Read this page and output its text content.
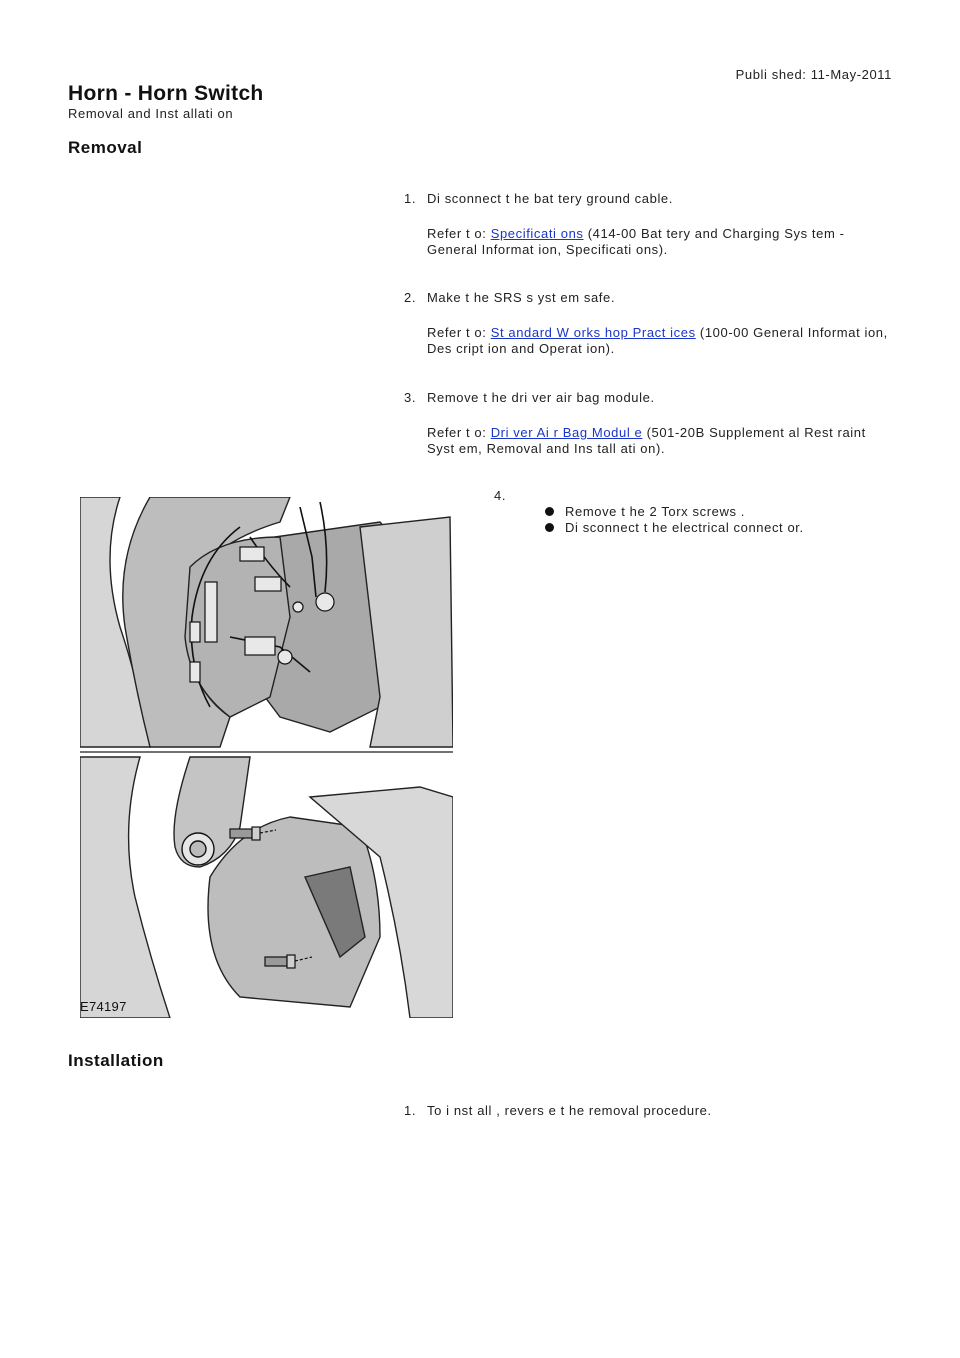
Publi shed: 11-May-2011
Horn - Horn Switch
Removal and Inst allati on
Removal
1. Di sconnect t he bat tery ground cable.
Refer t o: Specificati ons (414-00 Bat tery and Charging Sys tem - General Informat ion, Specificati ons).
2. Make t he SRS s yst em safe.
Refer t o: St andard W orks hop Pract ices (100-00 General Informat ion, Des cript ion and Operat ion).
3. Remove t he dri ver air bag module.
Refer t o: Dri ver Ai r Bag Modul e (501-20B Supplement al Rest raint Syst em, Removal and Ins tall ati on).
4.
Remove t he 2 Torx screws .
Di sconnect t he electrical connect or.
E74197
Installation
1. To i nst all , revers e t he removal procedure.
